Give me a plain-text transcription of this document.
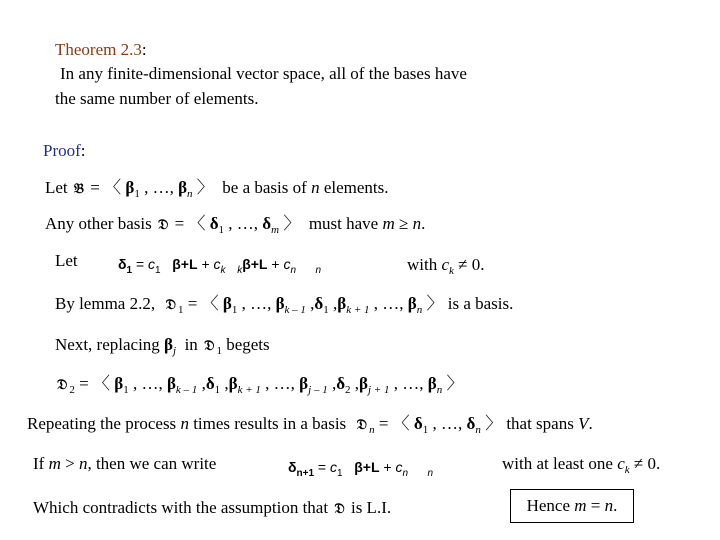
Theorem 2.3:
In any finite-dimensional vector space, all of the bases have
the same number of elements.
Proof:
Let 𝔅 = 〈 $\beta_1$ , …, $\beta_n$ 〉 be a basis of n elements.
Any other basis 𝔇 = 〈 $\delta_1$ , …, $\delta_m$ 〉 must have m ≥ n.
Let	$\delta_1 = c_1$ $\beta+L + c_k$ $_k\beta+L + c_n$ $_n$	with $c_k \ne 0$.
By lemma 2.2, 𝔇 $_1$ = 〈 $\beta_1$ , …, $\beta_{k - 1}$ $,\delta_1$ $,\beta_{k + 1}$ , …, $\beta_n$ 〉 is a basis.
Next, replacing $\beta_j$ in 𝔇 $_1$ begets
𝔇 $_2$ = 〈 $\beta_1$ , …, $\beta_{k - 1}$ $,\delta_1$ $,\beta_{k + 1}$ , …, $\beta_{j - 1}$ $,\delta_2$ $,\beta_{j + 1}$ , …, $\beta_n$ 〉
Repeating the process n times results in a basis 𝔇 $_n$ = 〈 $\delta_1$ , …, $\delta_n$ 〉 that spans V.
If m > n, then we can write	$\delta_{n+1} = c_1$ $\beta+L + c_n$ $_n$
with at least one $c_k \ne 0$.
Which contradicts with the assumption that 𝔇 is L.I.	Hence m = n.
